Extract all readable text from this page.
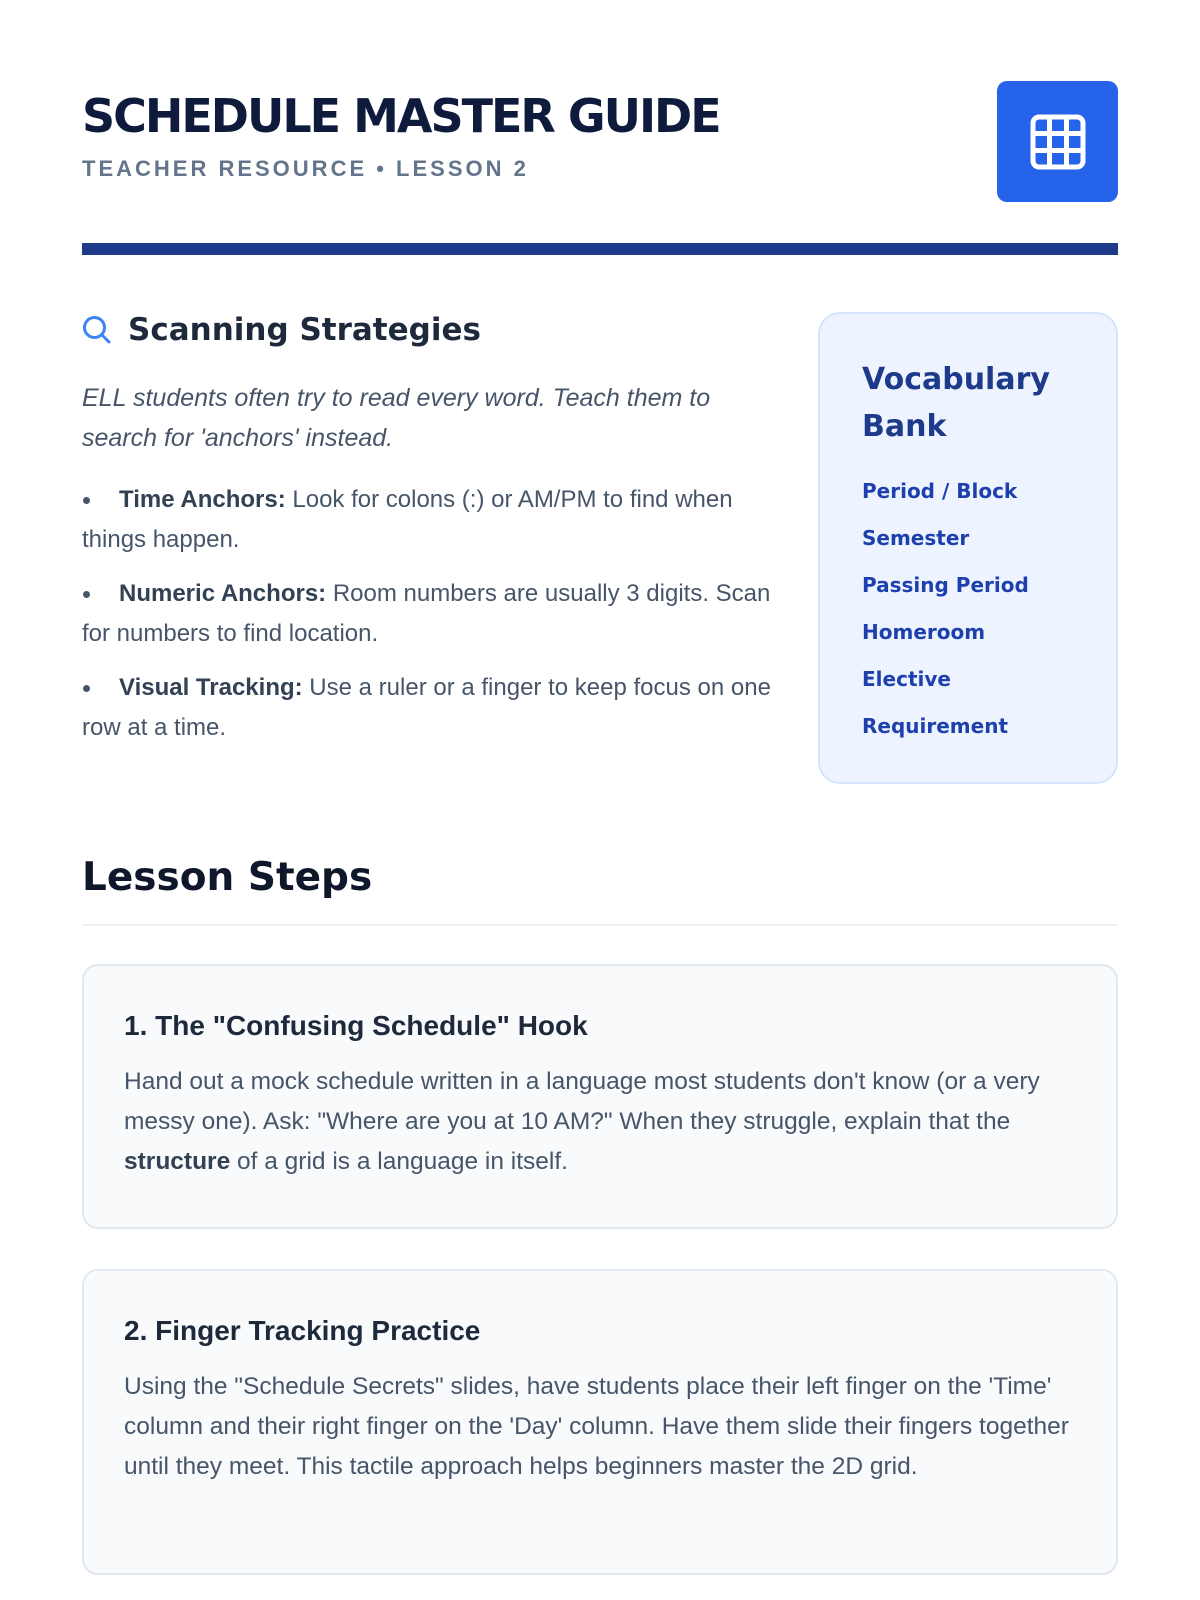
SCHEDULE MASTER GUIDE
TEACHER RESOURCE • LESSON 2
Scanning Strategies

ELL students often try to read every word. Teach them to search for 'anchors' instead.

Time Anchors: Look for colons (:) or AM/PM to find when things happen.
Numeric Anchors: Room numbers are usually 3 digits. Scan for numbers to find location.
Visual Tracking: Use a ruler or a finger to keep focus on one row at a time.
Vocabulary Bank
Period / Block
Semester
Passing Period
Homeroom
Elective
Requirement
Lesson Steps
1. The "Confusing Schedule" Hook

Hand out a mock schedule written in a language most students don't know (or a very messy one). Ask: "Where are you at 10 AM?" When they struggle, explain that the structure of a grid is a language in itself.

2. Finger Tracking Practice

Using the "Schedule Secrets" slides, have students place their left finger on the 'Time' column and their right finger on the 'Day' column. Have them slide their fingers together until they meet. This tactile approach helps beginners master the 2D grid.
